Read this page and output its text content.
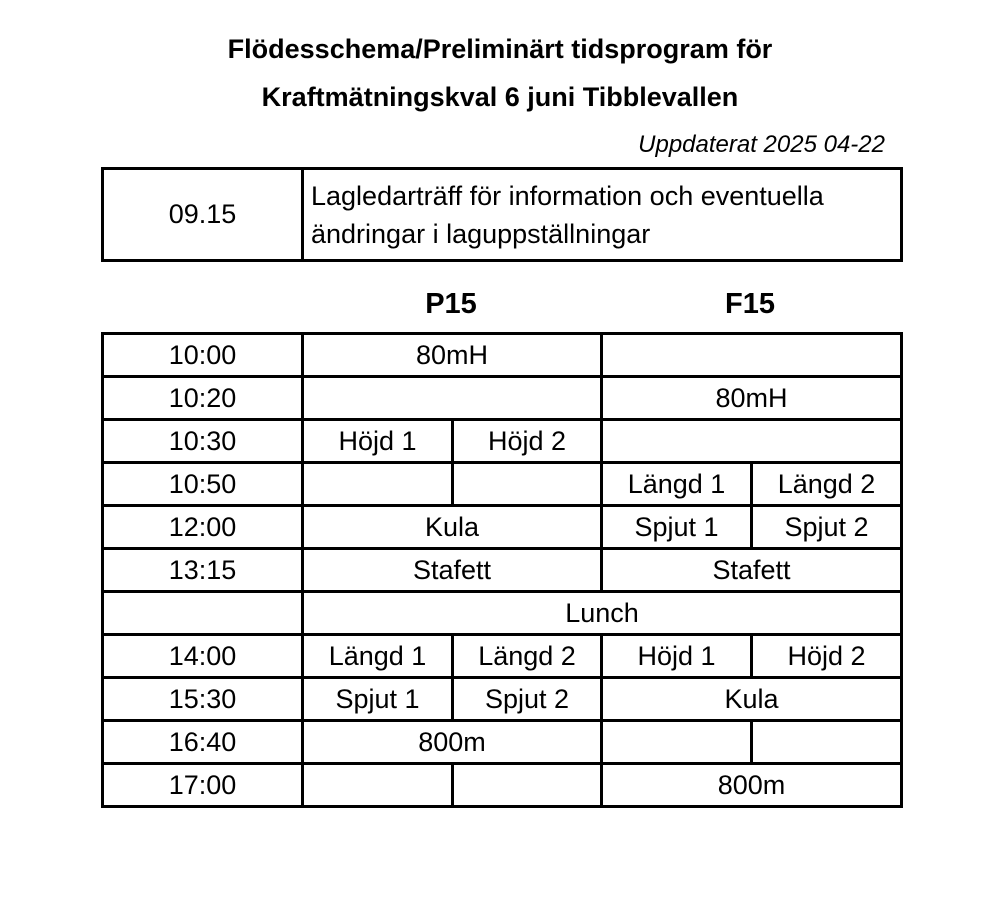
Flödesschema/Preliminärt tidsprogram för
Kraftmätningskval 6 juni Tibblevallen
Uppdaterat 2025 04-22
09.15	Lagledarträff för information och eventuella
ändringar i laguppställningar
P15	F15
10:00	80mH			
10:20			80mH	
10:30	Höjd 1	Höjd 2		
10:50			Längd 1	Längd 2
12:00	Kula		Spjut 1	Spjut 2
13:15	Stafett		Stafett	
	Lunch			
14:00	Längd 1	Längd 2	Höjd 1	Höjd 2
15:30	Spjut 1	Spjut 2	Kula	
16:40	800m			
17:00			800m	
